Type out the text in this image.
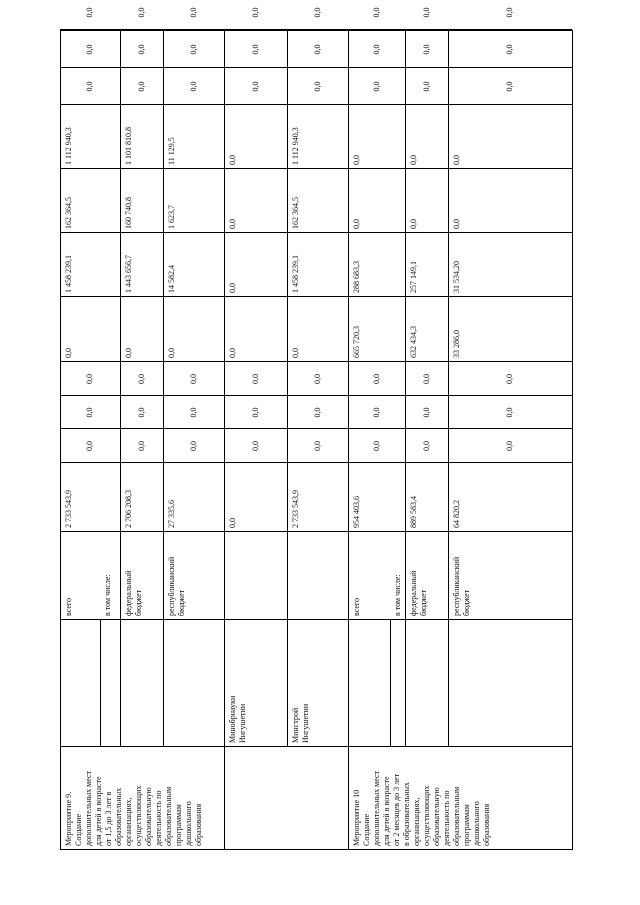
Мероприятие 9. Создание дополнительных мест для детей в возрасте от 1,5 до 3 лет в образовательных организациях, осуществляющих образовательную деятельность по образовательным программам дошкольного образования
всего
2 733 543,9
0,0
0,0
0,0
0,0
1 458 239,1
162 364,5
1 112 940,3
0,0
0,0
0,0
в том числе: федеральный бюджет
2 706 208,3
0,0
0,0
0,0
0,0
1 443 656,7
160 740,8
1 101 810,8
0,0
0,0
0,0
республиканский бюджет
27 335,6
0,0
0,0
0,0
0,0
14 582,4
1 623,7
11 129,5
0,0
0,0
0,0
Минобрнауки Ингушетии
0,0
0,0
0,0
0,0
0,0
0,0
0,0
0,0
0,0
0,0
0,0
Минстрой Ингушетии
2 733 543,9
0,0
0,0
0,0
0,0
1 458 239,1
162 364,5
1 112 940,3
0,0
0,0
0,0
Мероприятие 10 Создание дополнительных мест для детей в возрасте от 2 месяцев до 3 лет в образовательных организациях, осуществляющих образовательную деятельность по образовательным программам дошкольного образования
всего
954 403,6
0,0
0,0
0,0
665 720,3
288 683,3
0,0
0,0
0,0
0,0
0,0
в том числе: федеральный бюджет
889 583,4
0,0
0,0
0,0
632 434,3
257 149,1
0,0
0,0
0,0
0,0
0,0
республиканский бюджет
64 820,2
0,0
0,0
0,0
33 286,0
31 534,20
0,0
0,0
0,0
0,0
0,0
